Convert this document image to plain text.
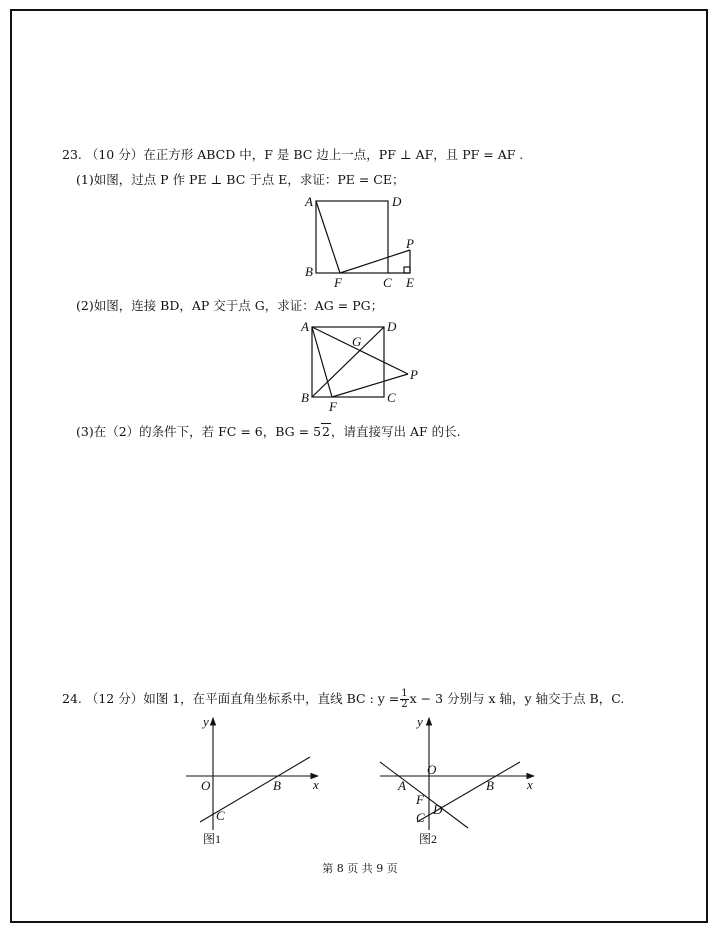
23. （10 分）在正方形 ABCD 中，F 是 BC 边上一点，PF ⊥ AF，且 PF = AF .
(1)如图，过点 P 作 PE ⊥ BC 于点 E，求证：PE = CE；
A	D
B
F	C E
P
(2)如图，连接 BD，AP 交于点 G，求证：AG = PG；
A	D
G
B
F
C
P
(3)在（2）的条件下，若 FC = 6，BG = 52，请直接写出 AF 的长.
24. （12 分）如图 1，在平面直角坐标系中，直线 BC : $y = \frac{1}{2}$ x − 3 分别与 x 轴，y 轴交于点 B，C.
y
x
O	B
C
图1
y
x
O
A	B
F
D
C
图2
第 8 页 共 9 页
